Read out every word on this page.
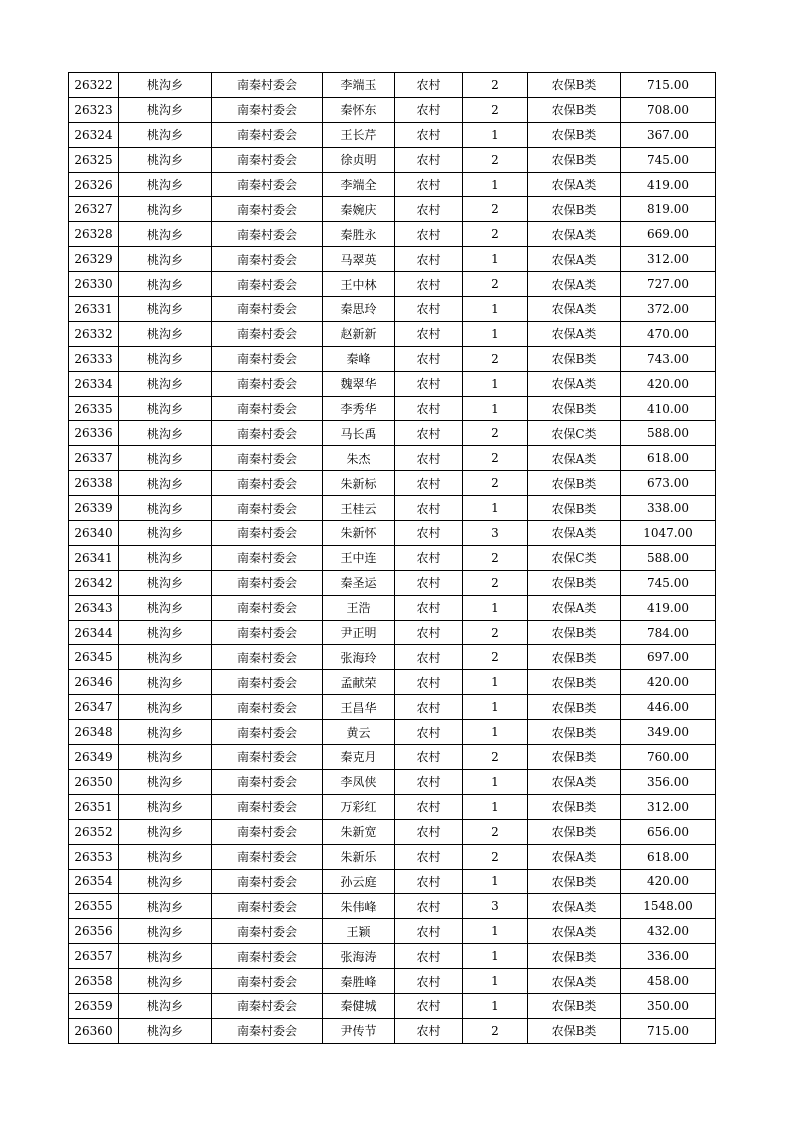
26322	桃沟乡	南秦村委会	李端玉	农村	2	农保B类	715.00
26323	桃沟乡	南秦村委会	秦怀东	农村	2	农保B类	708.00
26324	桃沟乡	南秦村委会	王长芹	农村	1	农保B类	367.00
26325	桃沟乡	南秦村委会	徐贞明	农村	2	农保B类	745.00
26326	桃沟乡	南秦村委会	李端全	农村	1	农保A类	419.00
26327	桃沟乡	南秦村委会	秦婉庆	农村	2	农保B类	819.00
26328	桃沟乡	南秦村委会	秦胜永	农村	2	农保A类	669.00
26329	桃沟乡	南秦村委会	马翠英	农村	1	农保A类	312.00
26330	桃沟乡	南秦村委会	王中林	农村	2	农保A类	727.00
26331	桃沟乡	南秦村委会	秦思玲	农村	1	农保A类	372.00
26332	桃沟乡	南秦村委会	赵新新	农村	1	农保A类	470.00
26333	桃沟乡	南秦村委会	秦峰	农村	2	农保B类	743.00
26334	桃沟乡	南秦村委会	魏翠华	农村	1	农保A类	420.00
26335	桃沟乡	南秦村委会	李秀华	农村	1	农保B类	410.00
26336	桃沟乡	南秦村委会	马长禹	农村	2	农保C类	588.00
26337	桃沟乡	南秦村委会	朱杰	农村	2	农保A类	618.00
26338	桃沟乡	南秦村委会	朱新标	农村	2	农保B类	673.00
26339	桃沟乡	南秦村委会	王桂云	农村	1	农保B类	338.00
26340	桃沟乡	南秦村委会	朱新怀	农村	3	农保A类	1047.00
26341	桃沟乡	南秦村委会	王中连	农村	2	农保C类	588.00
26342	桃沟乡	南秦村委会	秦圣运	农村	2	农保B类	745.00
26343	桃沟乡	南秦村委会	王浩	农村	1	农保A类	419.00
26344	桃沟乡	南秦村委会	尹正明	农村	2	农保B类	784.00
26345	桃沟乡	南秦村委会	张海玲	农村	2	农保B类	697.00
26346	桃沟乡	南秦村委会	孟献荣	农村	1	农保B类	420.00
26347	桃沟乡	南秦村委会	王昌华	农村	1	农保B类	446.00
26348	桃沟乡	南秦村委会	黄云	农村	1	农保B类	349.00
26349	桃沟乡	南秦村委会	秦克月	农村	2	农保B类	760.00
26350	桃沟乡	南秦村委会	李凤侠	农村	1	农保A类	356.00
26351	桃沟乡	南秦村委会	万彩红	农村	1	农保B类	312.00
26352	桃沟乡	南秦村委会	朱新宽	农村	2	农保B类	656.00
26353	桃沟乡	南秦村委会	朱新乐	农村	2	农保A类	618.00
26354	桃沟乡	南秦村委会	孙云庭	农村	1	农保B类	420.00
26355	桃沟乡	南秦村委会	朱伟峰	农村	3	农保A类	1548.00
26356	桃沟乡	南秦村委会	王颖	农村	1	农保A类	432.00
26357	桃沟乡	南秦村委会	张海涛	农村	1	农保B类	336.00
26358	桃沟乡	南秦村委会	秦胜峰	农村	1	农保A类	458.00
26359	桃沟乡	南秦村委会	秦健城	农村	1	农保B类	350.00
26360	桃沟乡	南秦村委会	尹传节	农村	2	农保B类	715.00
